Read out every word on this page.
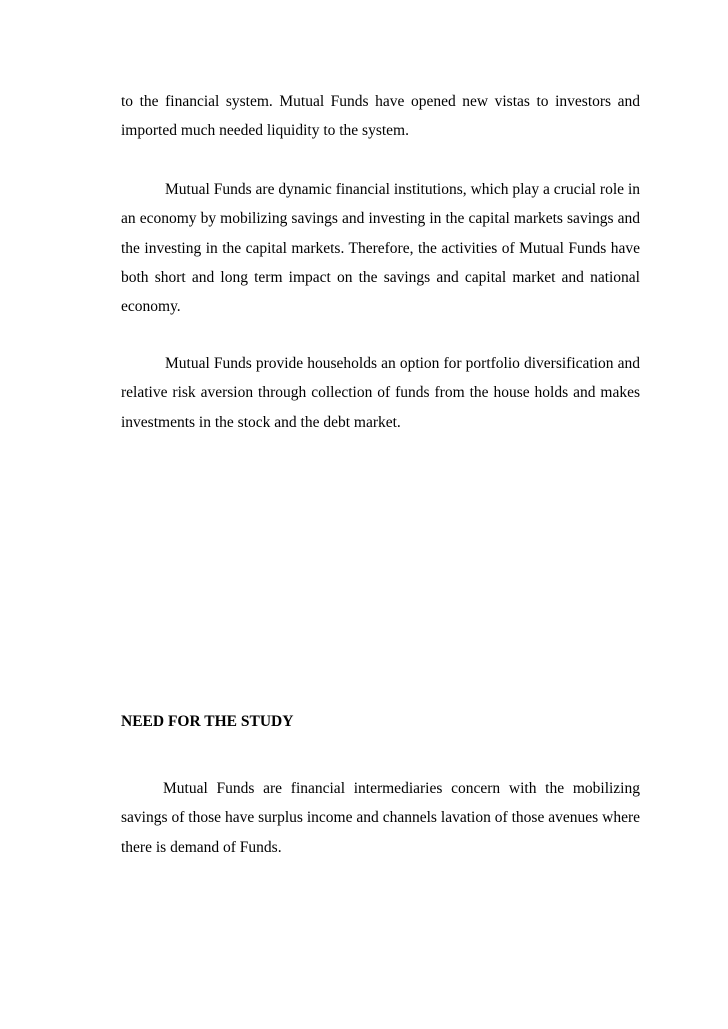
to the financial system. Mutual Funds have opened new vistas to investors and imported much needed liquidity to the system.

Mutual Funds are dynamic financial institutions, which play a crucial role in an economy by mobilizing savings and investing in the capital markets savings and the investing in the capital markets. Therefore, the activities of Mutual Funds have both short and long term impact on the savings and capital market and national economy.

Mutual Funds provide households an option for portfolio diversification and relative risk aversion through collection of funds from the house holds and makes investments in the stock and the debt market.

NEED FOR THE STUDY

Mutual Funds are financial intermediaries concern with the mobilizing savings of those have surplus income and channels lavation of those avenues where there is demand of Funds.
